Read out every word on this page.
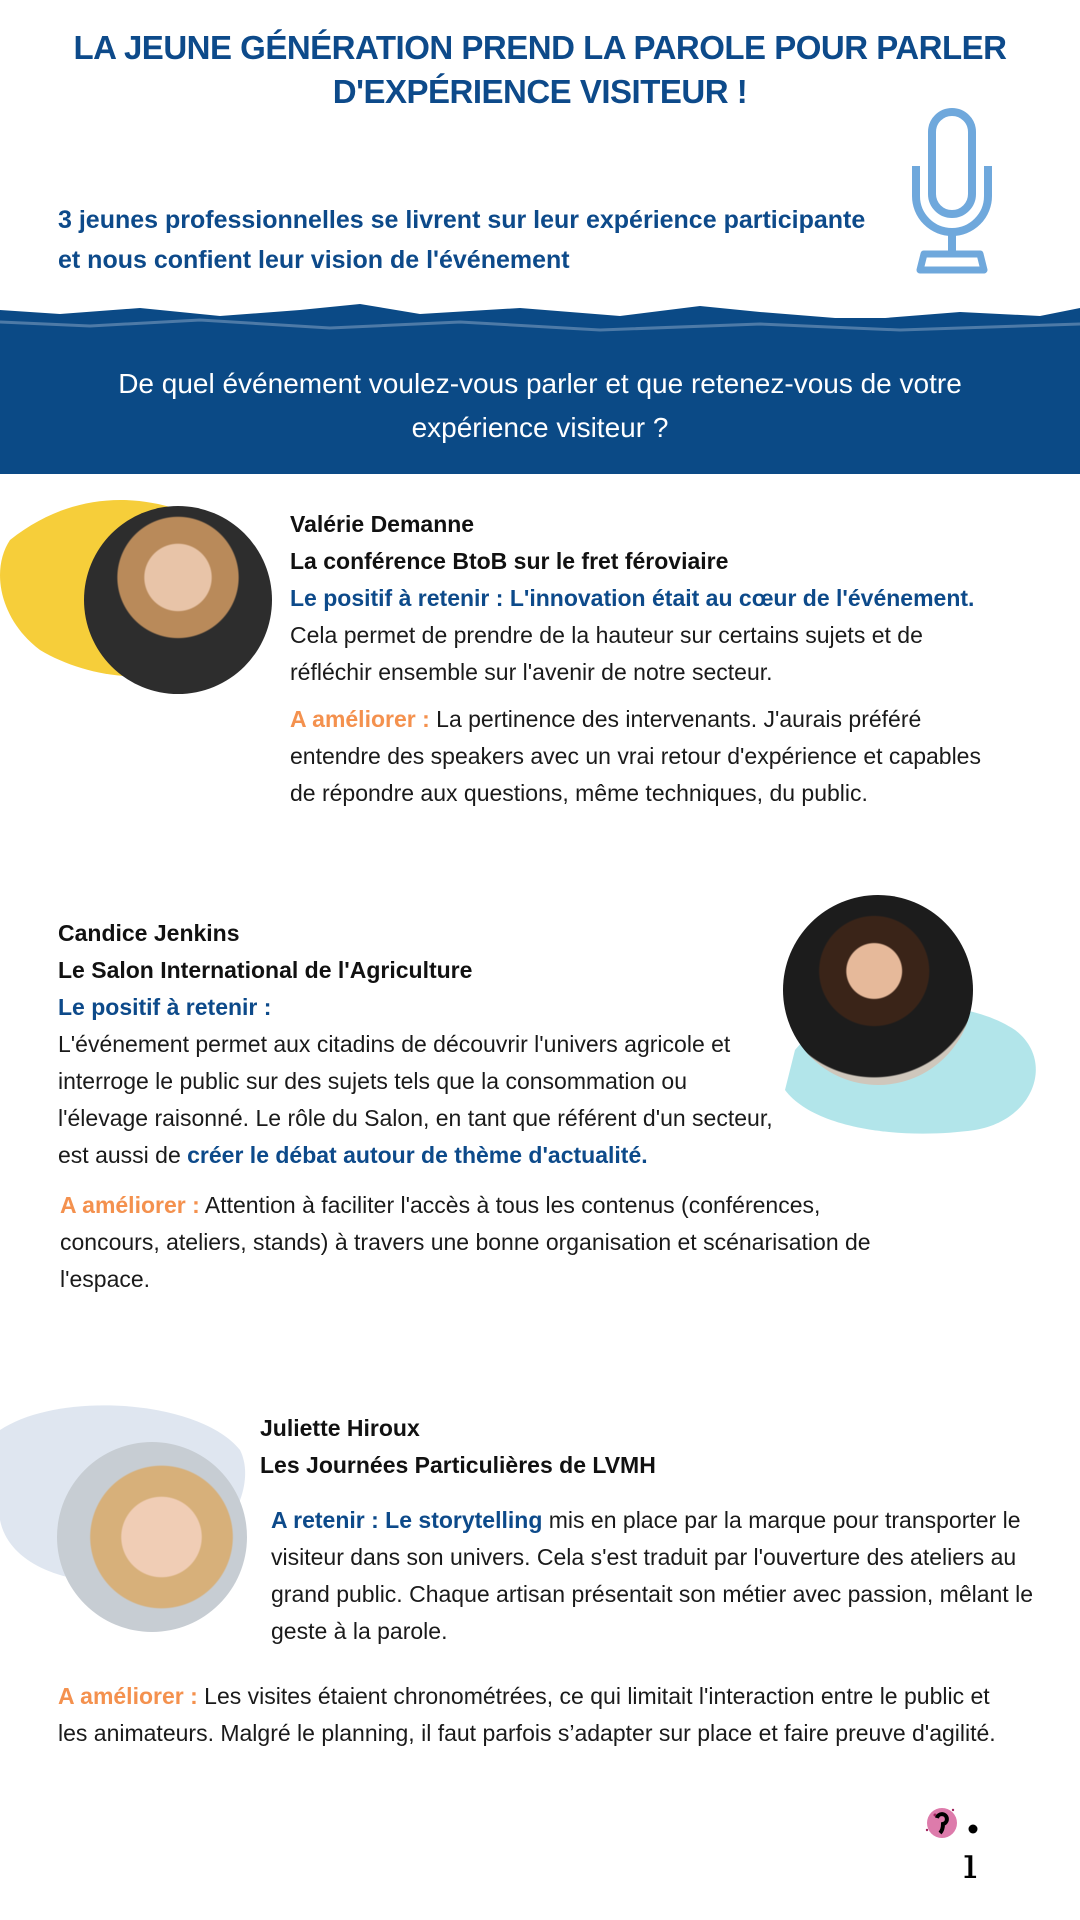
LA JEUNE GÉNÉRATION PREND LA PAROLE POUR PARLER D'EXPÉRIENCE VISITEUR !
3 jeunes professionnelles se livrent sur leur expérience participante et nous confient leur vision de l'événement
De quel événement voulez-vous parler et que retenez-vous de votre expérience visiteur ?
Valérie Demanne
La conférence BtoB sur le fret féroviaire
Le positif à retenir : L'innovation était au cœur de l'événement. Cela permet de prendre de la hauteur sur certains sujets et de réfléchir ensemble sur l'avenir de notre secteur.
A améliorer : La pertinence des intervenants. J'aurais préféré entendre des speakers avec un vrai retour d'expérience et capables de répondre aux questions, même techniques, du public.
Candice Jenkins
Le Salon International de l'Agriculture
Le positif à retenir :
L'événement permet aux citadins de découvrir l'univers agricole et interroge le public sur des sujets tels que la consommation ou l'élevage raisonné. Le rôle du Salon, en tant que référent d'un secteur, est aussi de créer le débat autour de thème d'actualité.
A améliorer : Attention à faciliter l'accès à tous les contenus (conférences, concours, ateliers, stands) à travers une bonne organisation et scénarisation de l'espace.
Juliette Hiroux
Les Journées Particulières de LVMH
A retenir : Le storytelling mis en place par la marque pour transporter le visiteur dans son univers. Cela s'est traduit par l'ouverture des ateliers au grand public. Chaque artisan présentait son métier avec passion, mêlant le geste à la parole.
A améliorer : Les visites étaient chronométrées, ce qui limitait l'interaction entre le public et les animateurs. Malgré le planning, il faut parfois s’adapter sur place et faire preuve d'agilité.
ı
